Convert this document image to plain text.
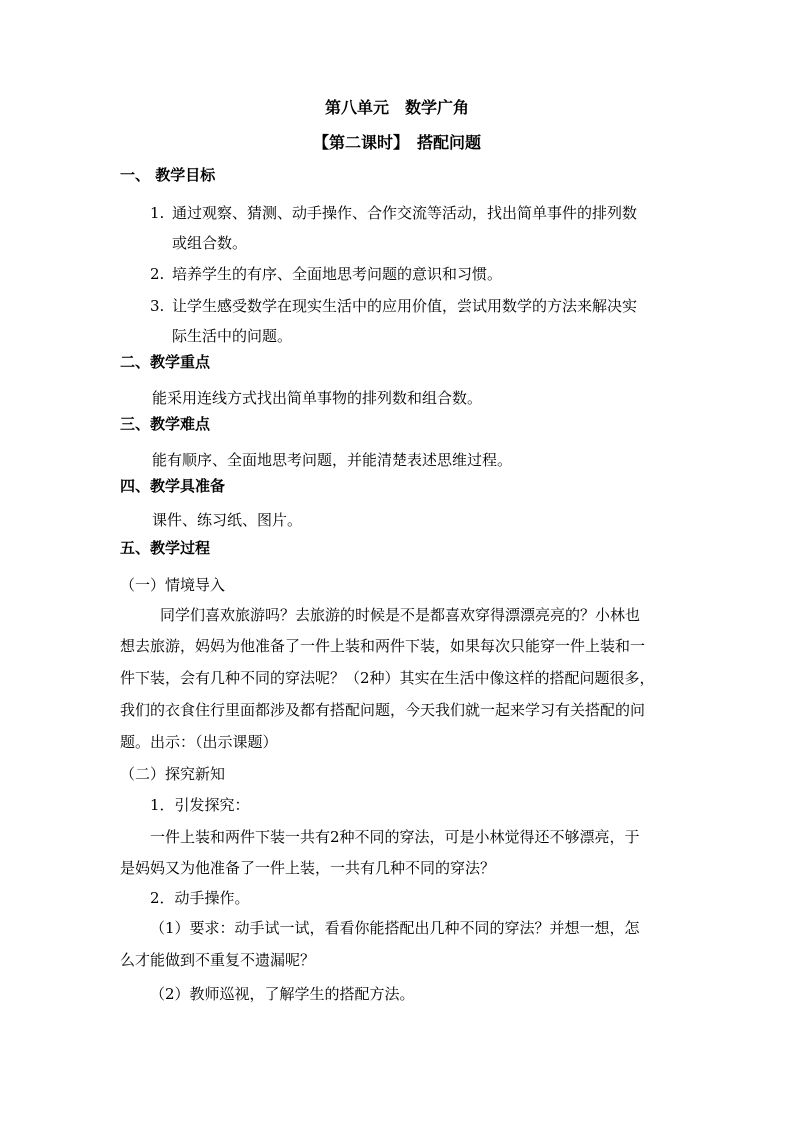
第八单元　数学广角
【第二课时】　搭配问题
一、 教学目标
1. 通过观察、猜测、动手操作、合作交流等活动，找出简单事件的排列数
或组合数。
2. 培养学生的有序、全面地思考问题的意识和习惯。
3. 让学生感受数学在现实生活中的应用价值，尝试用数学的方法来解决实
际生活中的问题。
二、教学重点
能采用连线方式找出简单事物的排列数和组合数。
三、教学难点
能有顺序、全面地思考问题，并能清楚表述思维过程。
四、教学具准备
课件、练习纸、图片。
五、教学过程
（一）情境导入
同学们喜欢旅游吗？去旅游的时候是不是都喜欢穿得漂漂亮亮的？小林也
想去旅游，妈妈为他准备了一件上装和两件下装，如果每次只能穿一件上装和一
件下装，会有几种不同的穿法呢？（2种）其实在生活中像这样的搭配问题很多，
我们的衣食住行里面都涉及都有搭配问题，今天我们就一起来学习有关搭配的问
题。出示：（出示课题）
（二）探究新知
1．引发探究：
一件上装和两件下装一共有2种不同的穿法，可是小林觉得还不够漂亮，于
是妈妈又为他准备了一件上装，一共有几种不同的穿法？
2．动手操作。
（1）要求：动手试一试，看看你能搭配出几种不同的穿法？并想一想，怎
么才能做到不重复不遗漏呢？
（2）教师巡视，了解学生的搭配方法。
